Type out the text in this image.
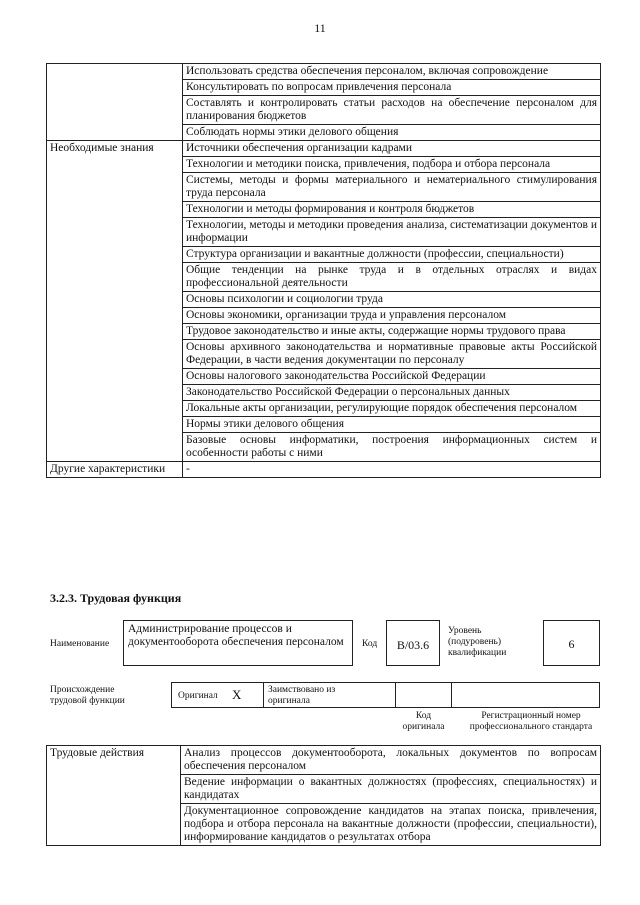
11
	Использовать средства обеспечения персоналом, включая сопровождение
	Консультировать по вопросам привлечения персонала
	Составлять и контролировать статьи расходов на обеспечение персоналом для планирования бюджетов
	Соблюдать нормы этики делового общения
Необходимые знания	Источники обеспечения организации кадрами
	Технологии и методики поиска, привлечения, подбора и отбора персонала
	Системы, методы и формы материального и нематериального стимулирования труда персонала
	Технологии и методы формирования и контроля бюджетов
	Технологии, методы и методики проведения анализа, систематизации документов и информации
	Структура организации и вакантные должности (профессии, специальности)
	Общие тенденции на рынке труда и в отдельных отраслях и видах профессиональной деятельности
	Основы психологии и социологии труда
	Основы экономики, организации труда и управления персоналом
	Трудовое законодательство и иные акты, содержащие нормы трудового права
	Основы архивного законодательства и нормативные правовые акты Российской Федерации, в части ведения документации по персоналу
	Основы налогового законодательства Российской Федерации
	Законодательство Российской Федерации о персональных данных
	Локальные акты организации, регулирующие порядок обеспечения персоналом
	Нормы этики делового общения
	Базовые основы информатики, построения информационных систем и особенности работы с ними
Другие характеристики	-
3.2.3. Трудовая функция
Наименование
Администрирование процессов и документооборота обеспечения персоналом	Код	B/03.6
Уровень (подуровень) квалификации
6
Происхождение трудовой функции	Оригинал X	Заимствовано из оригинала
Код оригинала
Регистрационный номер профессионального стандарта
Трудовые действия	Анализ процессов документооборота, локальных документов по вопросам обеспечения персоналом
Ведение информации о вакантных должностях (профессиях, специальностях) и кандидатах
Документационное сопровождение кандидатов на этапах поиска, привлечения, подбора и отбора персонала на вакантные должности (профессии, специальности), информирование кандидатов о результатах отбора
